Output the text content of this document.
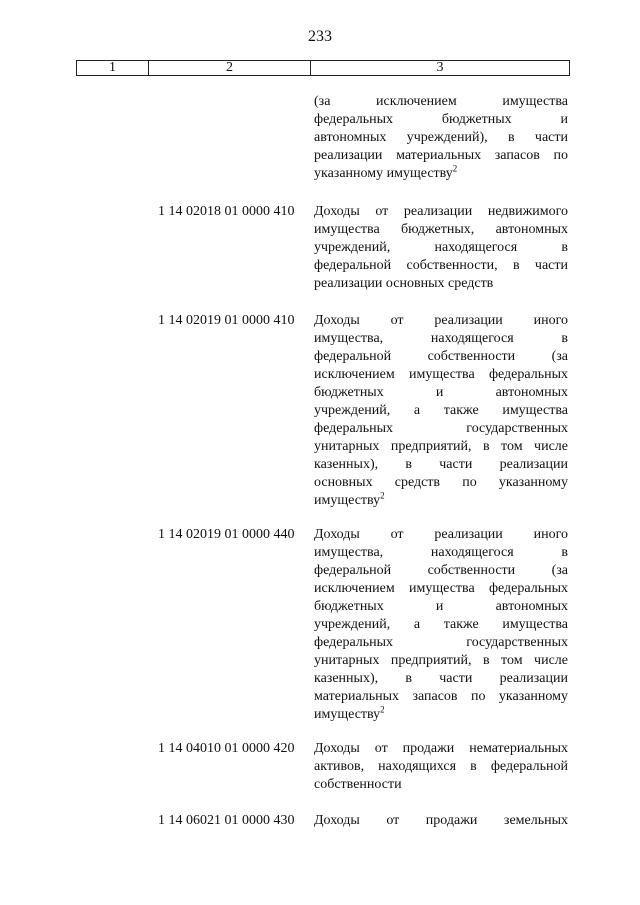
233
1	2	3
(за исключением имущества
федеральных бюджетных и
автономных учреждений), в части
реализации материальных запасов по
указанному имуществу$^2$
1 14 02018 01 0000 410	Доходы от реализации недвижимого
имущества бюджетных, автономных
учреждений, находящегося в
федеральной собственности, в части
реализации основных средств
1 14 02019 01 0000 410	Доходы от реализации иного
имущества, находящегося в
федеральной собственности (за
исключением имущества федеральных
бюджетных и автономных
учреждений, а также имущества
федеральных государственных
унитарных предприятий, в том числе
казенных), в части реализации
основных средств по указанному
имуществу$^2$
1 14 02019 01 0000 440	Доходы от реализации иного
имущества, находящегося в
федеральной собственности (за
исключением имущества федеральных
бюджетных и автономных
учреждений, а также имущества
федеральных государственных
унитарных предприятий, в том числе
казенных), в части реализации
материальных запасов по указанному
имуществу$^2$
1 14 04010 01 0000 420	Доходы от продажи нематериальных
активов, находящихся в федеральной
собственности
1 14 06021 01 0000 430	Доходы от продажи земельных
